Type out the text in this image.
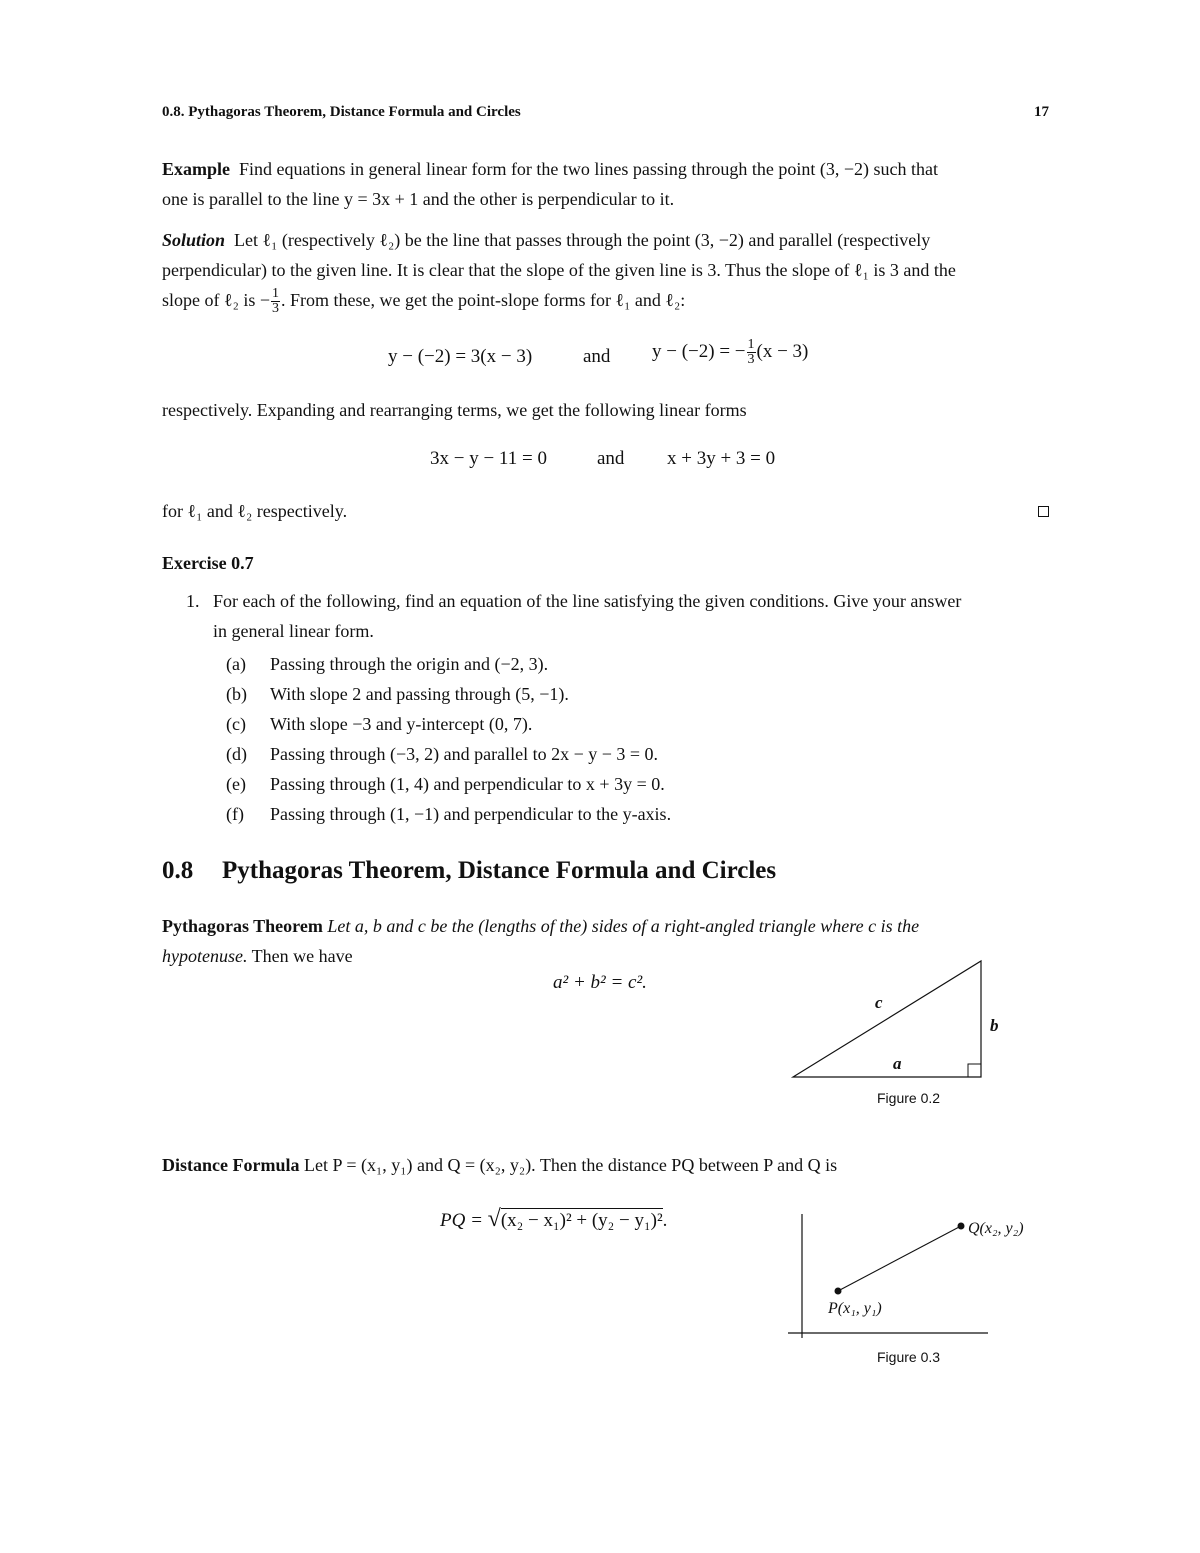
0.8. Pythagoras Theorem, Distance Formula and Circles	17
Example Find equations in general linear form for the two lines passing through the point (3, −2) such that
one is parallel to the line y = 3x + 1 and the other is perpendicular to it.
Solution Let ℓ₁ (respectively ℓ₂) be the line that passes through the point (3, −2) and parallel (respectively
perpendicular) to the given line. It is clear that the slope of the given line is 3. Thus the slope of ℓ₁ is 3 and the
slope of ℓ₂ is − $\frac{1}{3}$ . From these, we get the point-slope forms for ℓ₁ and ℓ₂:
y − (−2) = 3(x − 3)	and y − (−2) = − $\frac{1}{3} (x - 3)$
respectively. Expanding and rearranging terms, we get the following linear forms
3x − y − 11 = 0	and x + 3y + 3 = 0
for ℓ₁ and ℓ₂ respectively.
Exercise 0.7
1. For each of the following, find an equation of the line satisfying the given conditions. Give your answer
in general linear form.
(a) Passing through the origin and (−2, 3).
(b) With slope 2 and passing through (5, −1).
(c) With slope −3 and y-intercept (0, 7).
(d) Passing through (−3, 2) and parallel to 2x − y − 3 = 0.
(e) Passing through (1, 4) and perpendicular to x + 3y = 0.
(f) Passing through (1, −1) and perpendicular to the y-axis.
0.8 Pythagoras Theorem, Distance Formula and Circles
Pythagoras Theorem Let a, b and c be the (lengths of the) sides of a right-angled triangle where c is the
hypotenuse. Then we have
a² + b² = c².
c
b
a
Figure 0.2
Distance Formula Let P = (x₁, y₁) and Q = (x₂, y₂). Then the distance PQ between P and Q is
PQ = √(x₂ − x₁)² + (y₂ − y₁)².
P(x₁, y₁)
Q(x₂, y₂)
Figure 0.3
